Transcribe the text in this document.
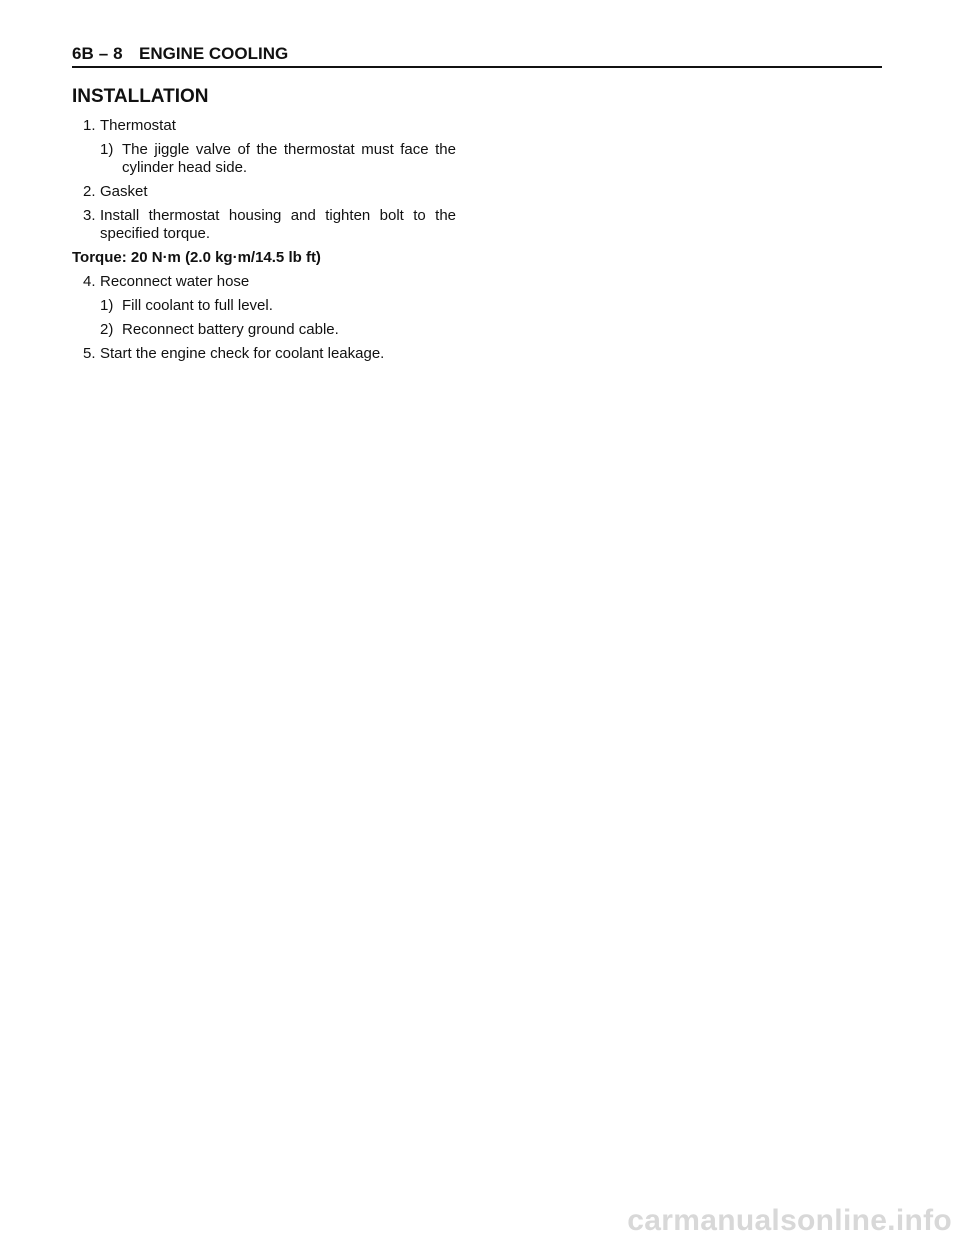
6B – 8 ENGINE COOLING
INSTALLATION
1. Thermostat
1) The jiggle valve of the thermostat must face the cylinder head side.
2. Gasket
3. Install thermostat housing and tighten bolt to the specified torque.
Torque: 20 N·m (2.0 kg·m/14.5 lb ft)
4. Reconnect water hose
1) Fill coolant to full level.
2) Reconnect battery ground cable.
5. Start the engine check for coolant leakage.
carmanualsonline.info
